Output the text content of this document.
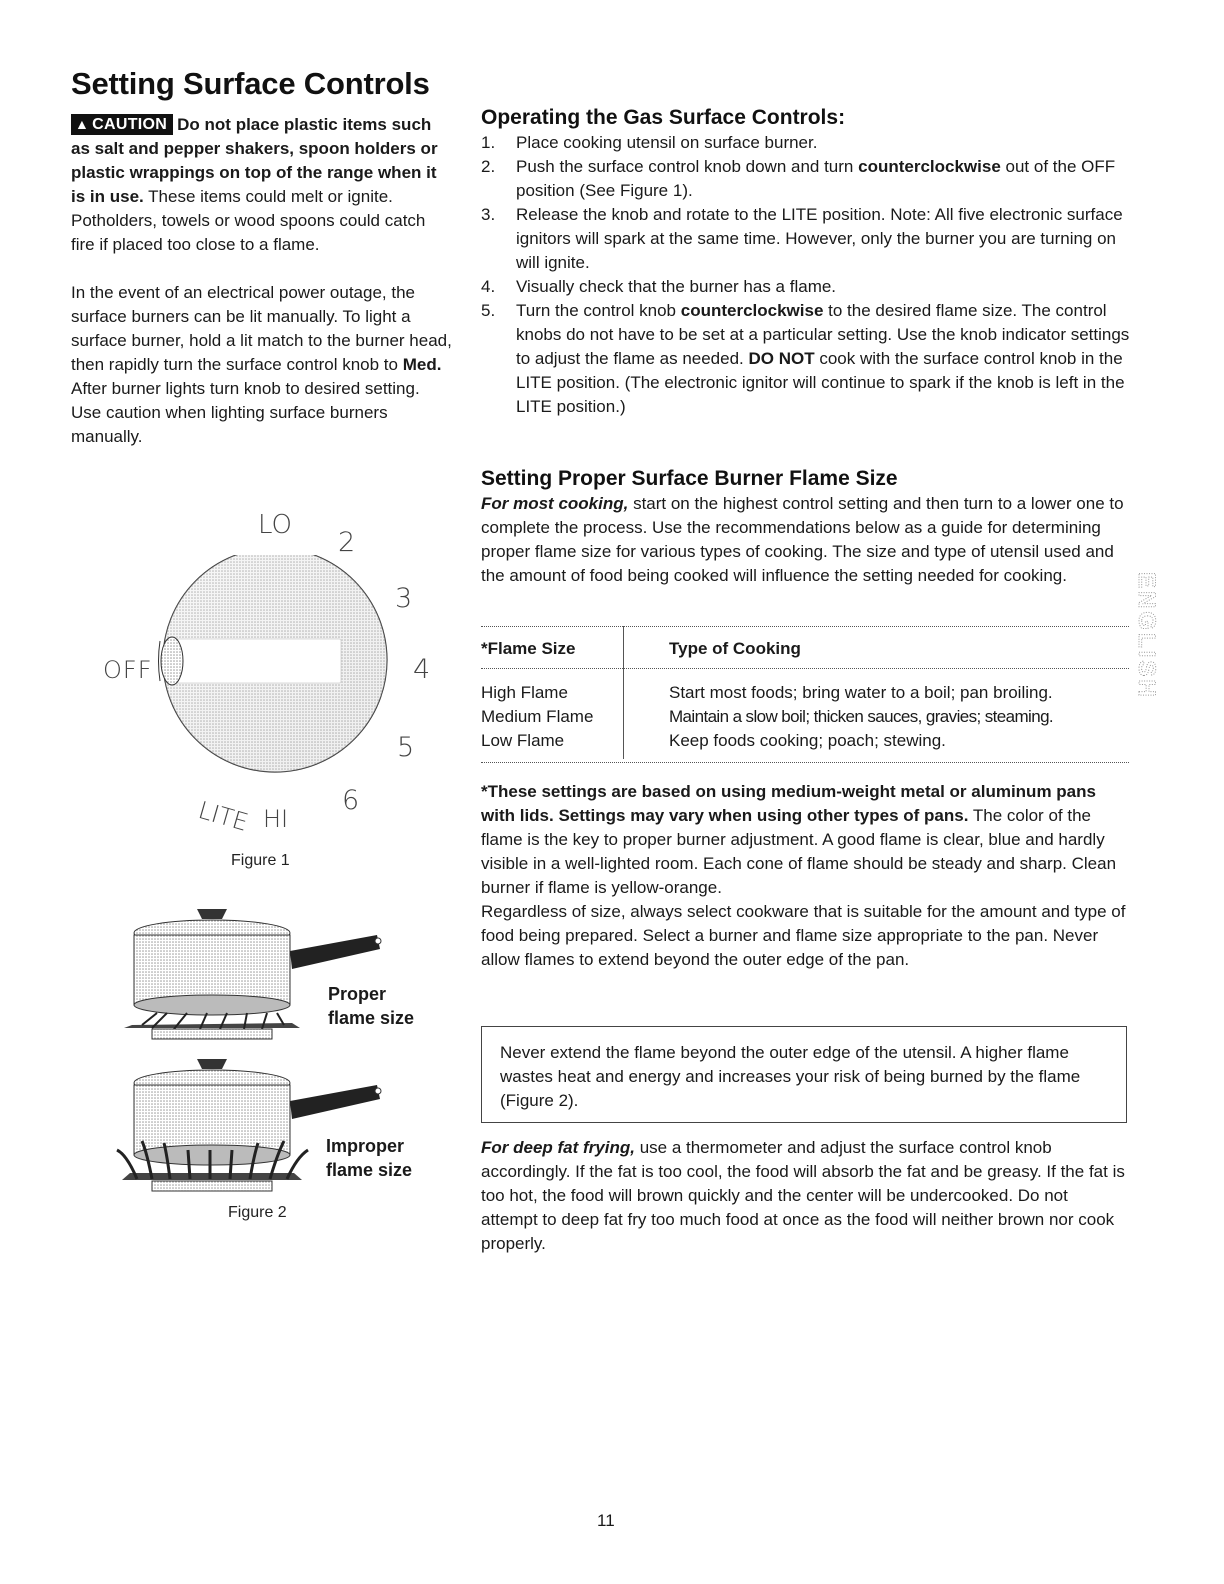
Setting Surface Controls

▲ CAUTION Do not place plastic items such as salt and pepper shakers, spoon holders or plastic wrappings on top of the range when it is in use. These items could melt or ignite. Potholders, towels or wood spoons could catch fire if placed too close to a flame.

In the event of an electrical power outage, the surface burners can be lit manually. To light a surface burner, hold a lit match to the burner head, then rapidly turn the surface control knob to Med. After burner lights turn knob to desired setting. Use caution when lighting surface burners manually.

LO
2
3
4
5
6
OFF
LITE HI
Figure 1
Proper flame size
Improper flame size
Figure 2
Operating the Gas Surface Controls:
1. Place cooking utensil on surface burner.
2. Push the surface control knob down and turn counterclockwise out of the OFF position (See Figure 1).
3. Release the knob and rotate to the LITE position. Note: All five electronic surface ignitors will spark at the same time. However, only the burner you are turning on will ignite.
4. Visually check that the burner has a flame.
5. Turn the control knob counterclockwise to the desired flame size. The control knobs do not have to be set at a particular setting. Use the knob indicator settings to adjust the flame as needed. DO NOT cook with the surface control knob in the LITE position. (The electronic ignitor will continue to spark if the knob is left in the LITE position.)
Setting Proper Surface Burner Flame Size

For most cooking, start on the highest control setting and then turn to a lower one to complete the process. Use the recommendations below as a guide for determining proper flame size for various types of cooking. The size and type of utensil used and the amount of food being cooked will influence the setting needed for cooking.

*Flame Size	Type of Cooking
High Flame	Start most foods; bring water to a boil; pan broiling.
Medium Flame	Maintain a slow boil; thicken sauces, gravies; steaming.
Low Flame	Keep foods cooking; poach; stewing.

*These settings are based on using medium-weight metal or aluminum pans with lids. Settings may vary when using other types of pans. The color of the flame is the key to proper burner adjustment. A good flame is clear, blue and hardly visible in a well-lighted room. Each cone of flame should be steady and sharp. Clean burner if flame is yellow-orange.

Regardless of size, always select cookware that is suitable for the amount and type of food being prepared. Select a burner and flame size appropriate to the pan. Never allow flames to extend beyond the outer edge of the pan.

Never extend the flame beyond the outer edge of the utensil. A higher flame wastes heat and energy and increases your risk of being burned by the flame (Figure 2).

For deep fat frying, use a thermometer and adjust the surface control knob accordingly. If the fat is too cool, the food will absorb the fat and be greasy. If the fat is too hot, the food will brown quickly and the center will be undercooked. Do not attempt to deep fat fry too much food at once as the food will neither brown nor cook properly.

ENGLISH
11
